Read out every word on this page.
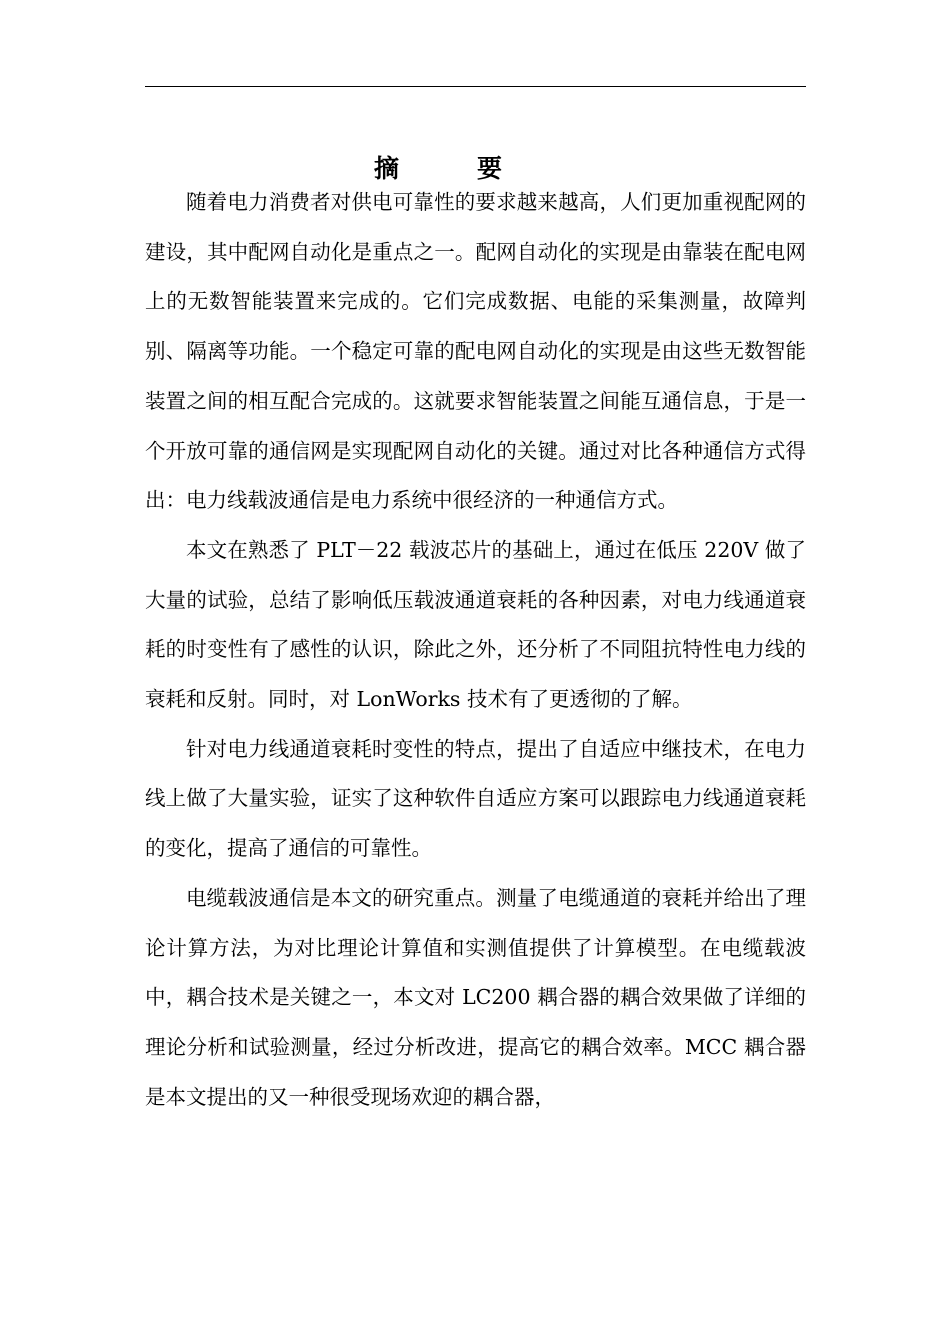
摘	要

随着电力消费者对供电可靠性的要求越来越高，人们更加重视配网的建设，其中配网自动化是重点之一。配网自动化的实现是由靠装在配电网上的无数智能装置来完成的。它们完成数据、电能的采集测量，故障判别、隔离等功能。一个稳定可靠的配电网自动化的实现是由这些无数智能装置之间的相互配合完成的。这就要求智能装置之间能互通信息，于是一个开放可靠的通信网是实现配网自动化的关键。通过对比各种通信方式得出：电力线载波通信是电力系统中很经济的一种通信方式。

本文在熟悉了 PLT－22 载波芯片的基础上，通过在低压 220V 做了大量的试验，总结了影响低压载波通道衰耗的各种因素，对电力线通道衰耗的时变性有了感性的认识，除此之外，还分析了不同阻抗特性电力线的衰耗和反射。同时，对 LonWorks 技术有了更透彻的了解。

针对电力线通道衰耗时变性的特点，提出了自适应中继技术，在电力线上做了大量实验，证实了这种软件自适应方案可以跟踪电力线通道衰耗的变化，提高了通信的可靠性。

电缆载波通信是本文的研究重点。测量了电缆通道的衰耗并给出了理论计算方法，为对比理论计算值和实测值提供了计算模型。在电缆载波中，耦合技术是关键之一，本文对 LC200 耦合器的耦合效果做了详细的理论分析和试验测量，经过分析改进，提高它的耦合效率。MCC 耦合器是本文提出的又一种很受现场欢迎的耦合器，
